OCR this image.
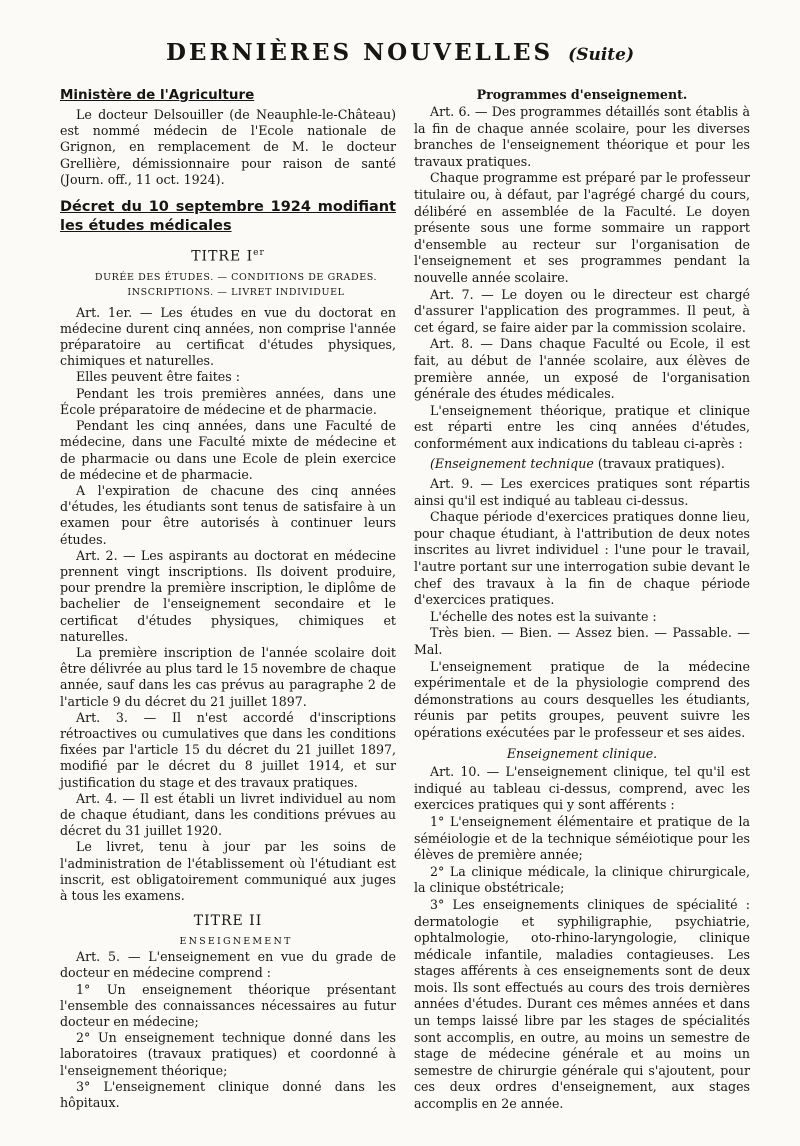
DERNIÈRES NOUVELLES (Suite)
Ministère de l'Agriculture

Le docteur Delsouiller (de Neauphle-le-Château) est nommé médecin de l'Ecole nationale de Grignon, en remplacement de M. le docteur Grellière, démissionnaire pour raison de santé (Journ. off., 11 oct. 1924).

Décret du 10 septembre 1924 modifiant les études médicales
TITRE Ier

DURÉE DES ÉTUDES. — CONDITIONS DE GRADES.

INSCRIPTIONS. — LIVRET INDIVIDUEL

Art. 1er. — Les études en vue du doctorat en médecine durent cinq années, non comprise l'année préparatoire au certificat d'études physiques, chimiques et naturelles.

Elles peuvent être faites :

Pendant les trois premières années, dans une École préparatoire de médecine et de pharmacie.

Pendant les cinq années, dans une Faculté de médecine, dans une Faculté mixte de médecine et de pharmacie ou dans une Ecole de plein exercice de médecine et de pharmacie.

A l'expiration de chacune des cinq années d'études, les étudiants sont tenus de satisfaire à un examen pour être autorisés à continuer leurs études.

Art. 2. — Les aspirants au doctorat en médecine prennent vingt inscriptions. Ils doivent produire, pour prendre la première inscription, le diplôme de bachelier de l'enseignement secondaire et le certificat d'études physiques, chimiques et naturelles.

La première inscription de l'année scolaire doit être délivrée au plus tard le 15 novembre de chaque année, sauf dans les cas prévus au paragraphe 2 de l'article 9 du décret du 21 juillet 1897.

Art. 3. — Il n'est accordé d'inscriptions rétroactives ou cumulatives que dans les conditions fixées par l'article 15 du décret du 21 juillet 1897, modifié par le décret du 8 juillet 1914, et sur justification du stage et des travaux pratiques.

Art. 4. — Il est établi un livret individuel au nom de chaque étudiant, dans les conditions prévues au décret du 31 juillet 1920.

Le livret, tenu à jour par les soins de l'administration de l'établissement où l'étudiant est inscrit, est obligatoirement communiqué aux juges à tous les examens.

TITRE II

ENSEIGNEMENT

Art. 5. — L'enseignement en vue du grade de docteur en médecine comprend :

1° Un enseignement théorique présentant l'ensemble des connaissances nécessaires au futur docteur en médecine;

2° Un enseignement technique donné dans les laboratoires (travaux pratiques) et coordonné à l'enseignement théorique;

3° L'enseignement clinique donné dans les hôpitaux.

Programmes d'enseignement.

Art. 6. — Des programmes détaillés sont établis à la fin de chaque année scolaire, pour les diverses branches de l'enseignement théorique et pour les travaux pratiques.

Chaque programme est préparé par le professeur titulaire ou, à défaut, par l'agrégé chargé du cours, délibéré en assemblée de la Faculté. Le doyen présente sous une forme sommaire un rapport d'ensemble au recteur sur l'organisation de l'enseignement et ses programmes pendant la nouvelle année scolaire.

Art. 7. — Le doyen ou le directeur est chargé d'assurer l'application des programmes. Il peut, à cet égard, se faire aider par la commission scolaire.

Art. 8. — Dans chaque Faculté ou Ecole, il est fait, au début de l'année scolaire, aux élèves de première année, un exposé de l'organisation générale des études médicales.

L'enseignement théorique, pratique et clinique est réparti entre les cinq années d'études, conformément aux indications du tableau ci-après :

(Enseignement technique (travaux pratiques).

Art. 9. — Les exercices pratiques sont répartis ainsi qu'il est indiqué au tableau ci-dessus.

Chaque période d'exercices pratiques donne lieu, pour chaque étudiant, à l'attribution de deux notes inscrites au livret individuel : l'une pour le travail, l'autre portant sur une interrogation subie devant le chef des travaux à la fin de chaque période d'exercices pratiques.

L'échelle des notes est la suivante :

Très bien. — Bien. — Assez bien. — Passable. — Mal.

L'enseignement pratique de la médecine expérimentale et de la physiologie comprend des démonstrations au cours desquelles les étudiants, réunis par petits groupes, peuvent suivre les opérations exécutées par le professeur et ses aides.

Enseignement clinique.

Art. 10. — L'enseignement clinique, tel qu'il est indiqué au tableau ci-dessus, comprend, avec les exercices pratiques qui y sont afférents :

1° L'enseignement élémentaire et pratique de la séméiologie et de la technique séméiotique pour les élèves de première année;

2° La clinique médicale, la clinique chirurgicale, la clinique obstétricale;

3° Les enseignements cliniques de spécialité : dermatologie et syphiligraphie, psychiatrie, ophtalmologie, oto-rhino-laryngologie, clinique médicale infantile, maladies contagieuses. Les stages afférents à ces enseignements sont de deux mois. Ils sont effectués au cours des trois dernières années d'études. Durant ces mêmes années et dans un temps laissé libre par les stages de spécialités sont accomplis, en outre, au moins un semestre de stage de médecine générale et au moins un semestre de chirurgie générale qui s'ajoutent, pour ces deux ordres d'enseignement, aux stages accomplis en 2e année.
